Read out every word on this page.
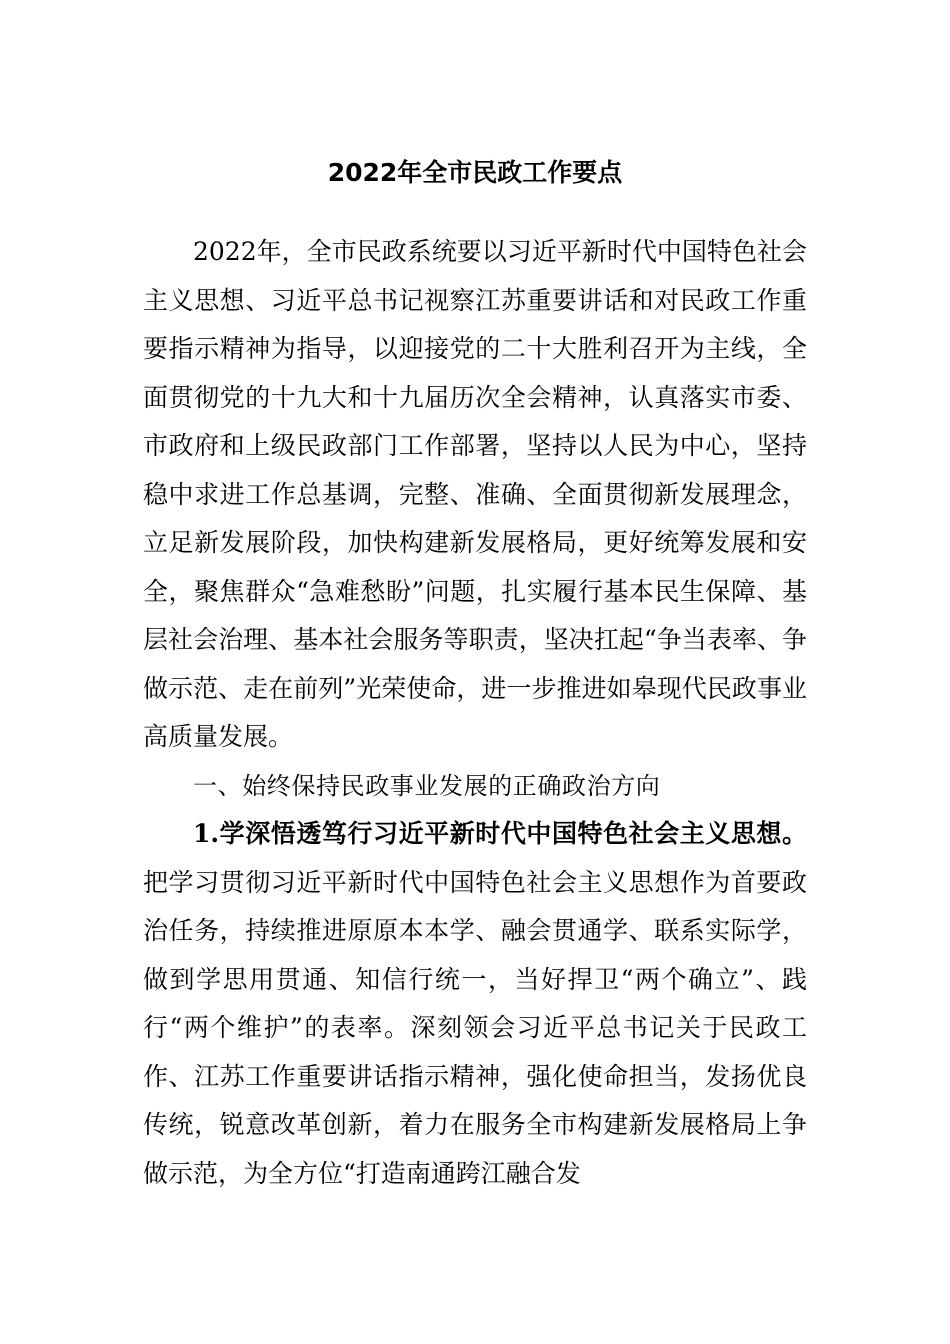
2022年全市民政工作要点

2022年，全市民政系统要以习近平新时代中国特色社会主义思想、习近平总书记视察江苏重要讲话和对民政工作重要指示精神为指导，以迎接党的二十大胜利召开为主线，全面贯彻党的十九大和十九届历次全会精神，认真落实市委、市政府和上级民政部门工作部署，坚持以人民为中心，坚持稳中求进工作总基调，完整、准确、全面贯彻新发展理念，立足新发展阶段，加快构建新发展格局，更好统筹发展和安全，聚焦群众“急难愁盼”问题，扎实履行基本民生保障、基层社会治理、基本社会服务等职责，坚决扛起“争当表率、争做示范、走在前列”光荣使命，进一步推进如皋现代民政事业高质量发展。

一、始终保持民政事业发展的正确政治方向

1.学深悟透笃行习近平新时代中国特色社会主义思想。把学习贯彻习近平新时代中国特色社会主义思想作为首要政治任务，持续推进原原本本学、融会贯通学、联系实际学，做到学思用贯通、知信行统一，当好捍卫“两个确立”、践行“两个维护”的表率。深刻领会习近平总书记关于民政工作、江苏工作重要讲话指示精神，强化使命担当，发扬优良传统，锐意改革创新，着力在服务全市构建新发展格局上争做示范，为全方位“打造南通跨江融合发
